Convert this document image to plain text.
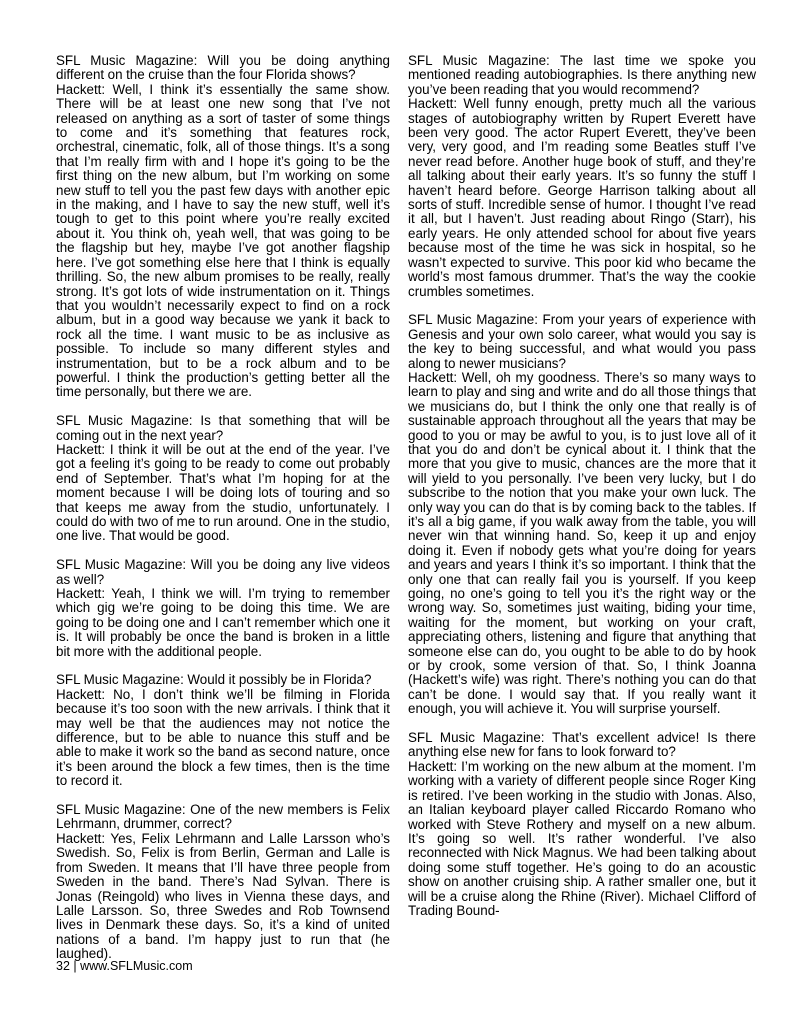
SFL Music Magazine: Will you be doing anything different on the cruise than the four Florida shows?

Hackett: Well, I think it’s essentially the same show. There will be at least one new song that I’ve not released on anything as a sort of taster of some things to come and it’s something that features rock, orchestral, cinematic, folk, all of those things. It’s a song that I’m really firm with and I hope it’s going to be the first thing on the new album, but I’m working on some new stuff to tell you the past few days with another epic in the making, and I have to say the new stuff, well it’s tough to get to this point where you’re really excited about it. You think oh, yeah well, that was going to be the flagship but hey, maybe I’ve got another flagship here. I’ve got something else here that I think is equally thrilling. So, the new album promises to be really, really strong. It’s got lots of wide instrumentation on it. Things that you wouldn’t necessarily expect to find on a rock album, but in a good way because we yank it back to rock all the time. I want music to be as inclusive as possible. To include so many different styles and instrumentation, but to be a rock album and to be powerful. I think the production’s getting better all the time personally, but there we are.

SFL Music Magazine: Is that something that will be coming out in the next year?

Hackett: I think it will be out at the end of the year. I’ve got a feeling it’s going to be ready to come out probably end of September. That’s what I’m hoping for at the moment because I will be doing lots of touring and so that keeps me away from the studio, unfortunately. I could do with two of me to run around. One in the studio, one live. That would be good.

SFL Music Magazine: Will you be doing any live videos as well?

Hackett: Yeah, I think we will. I’m trying to remember which gig we’re going to be doing this time. We are going to be doing one and I can’t remember which one it is. It will probably be once the band is broken in a little bit more with the additional people.

SFL Music Magazine: Would it possibly be in Florida?

Hackett: No, I don’t think we’ll be filming in Florida because it’s too soon with the new arrivals. I think that it may well be that the audiences may not notice the difference, but to be able to nuance this stuff and be able to make it work so the band as second nature, once it’s been around the block a few times, then is the time to record it.

SFL Music Magazine: One of the new members is Felix Lehrmann, drummer, correct?

Hackett: Yes, Felix Lehrmann and Lalle Larsson who’s Swedish. So, Felix is from Berlin, German and Lalle is from Sweden. It means that I’ll have three people from Sweden in the band. There’s Nad Sylvan. There is Jonas (Reingold) who lives in Vienna these days, and Lalle Larsson. So, three Swedes and Rob Townsend lives in Denmark these days. So, it’s a kind of united nations of a band. I’m happy just to run that (he laughed).

SFL Music Magazine: The last time we spoke you mentioned reading autobiographies. Is there anything new you’ve been reading that you would recommend?

Hackett: Well funny enough, pretty much all the various stages of autobiography written by Rupert Everett have been very good. The actor Rupert Everett, they’ve been very, very good, and I’m reading some Beatles stuff I’ve never read before. Another huge book of stuff, and they’re all talking about their early years. It’s so funny the stuff I haven’t heard before. George Harrison talking about all sorts of stuff. Incredible sense of humor. I thought I’ve read it all, but I haven’t. Just reading about Ringo (Starr), his early years. He only attended school for about five years because most of the time he was sick in hospital, so he wasn’t expected to survive. This poor kid who became the world’s most famous drummer. That’s the way the cookie crumbles sometimes.

SFL Music Magazine: From your years of experience with Genesis and your own solo career, what would you say is the key to being successful, and what would you pass along to newer musicians?

Hackett: Well, oh my goodness. There’s so many ways to learn to play and sing and write and do all those things that we musicians do, but I think the only one that really is of sustainable approach throughout all the years that may be good to you or may be awful to you, is to just love all of it that you do and don’t be cynical about it. I think that the more that you give to music, chances are the more that it will yield to you personally. I’ve been very lucky, but I do subscribe to the notion that you make your own luck. The only way you can do that is by coming back to the tables. If it’s all a big game, if you walk away from the table, you will never win that winning hand. So, keep it up and enjoy doing it. Even if nobody gets what you’re doing for years and years and years I think it’s so important. I think that the only one that can really fail you is yourself. If you keep going, no one’s going to tell you it’s the right way or the wrong way. So, sometimes just waiting, biding your time, waiting for the moment, but working on your craft, appreciating others, listening and figure that anything that someone else can do, you ought to be able to do by hook or by crook, some version of that. So, I think Joanna (Hackett’s wife) was right. There’s nothing you can do that can’t be done. I would say that. If you really want it enough, you will achieve it. You will surprise yourself.

SFL Music Magazine: That’s excellent advice! Is there anything else new for fans to look forward to?

Hackett: I’m working on the new album at the moment. I’m working with a variety of different people since Roger King is retired. I’ve been working in the studio with Jonas. Also, an Italian keyboard player called Riccardo Romano who worked with Steve Rothery and myself on a new album. It’s going so well. It’s rather wonderful. I’ve also reconnected with Nick Magnus. We had been talking about doing some stuff together. He’s going to do an acoustic show on another cruising ship. A rather smaller one, but it will be a cruise along the Rhine (River). Michael Clifford of Trading Bound-

32 | www.SFLMusic.com
